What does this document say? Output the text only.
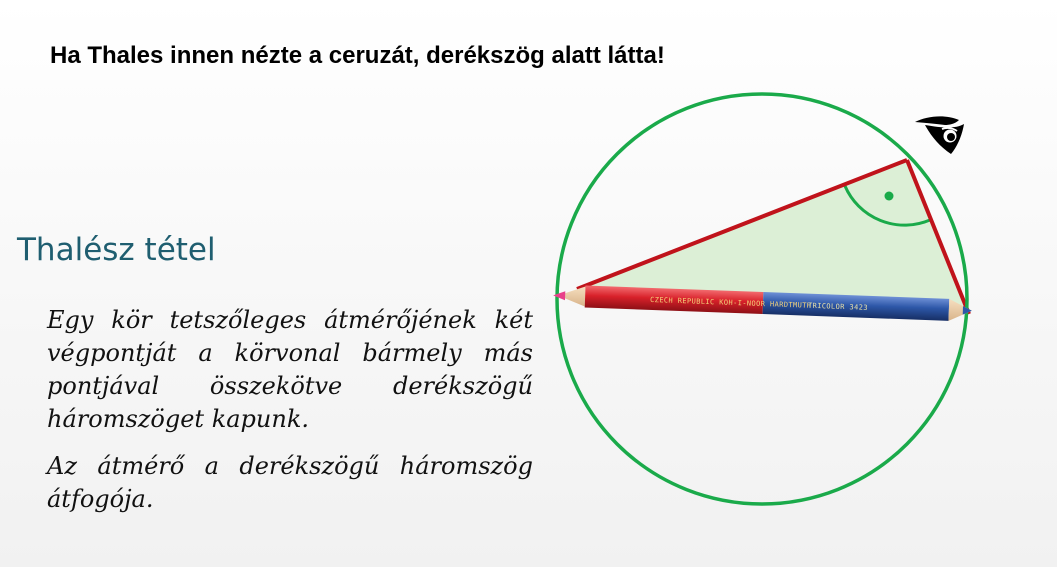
Ha Thales innen nézte a ceruzát, derékszög alatt látta!
Thalész tétel

Egy kör tetszőleges átmérőjének két végpontját a körvonal bármely más pontjával összekötve derékszögű háromszöget kapunk.

Az átmérő a derékszögű háromszög átfogója.

CZECH REPUBLIC KOH-I-NOOR HARDTMUTH
TRICOLOR 3423
